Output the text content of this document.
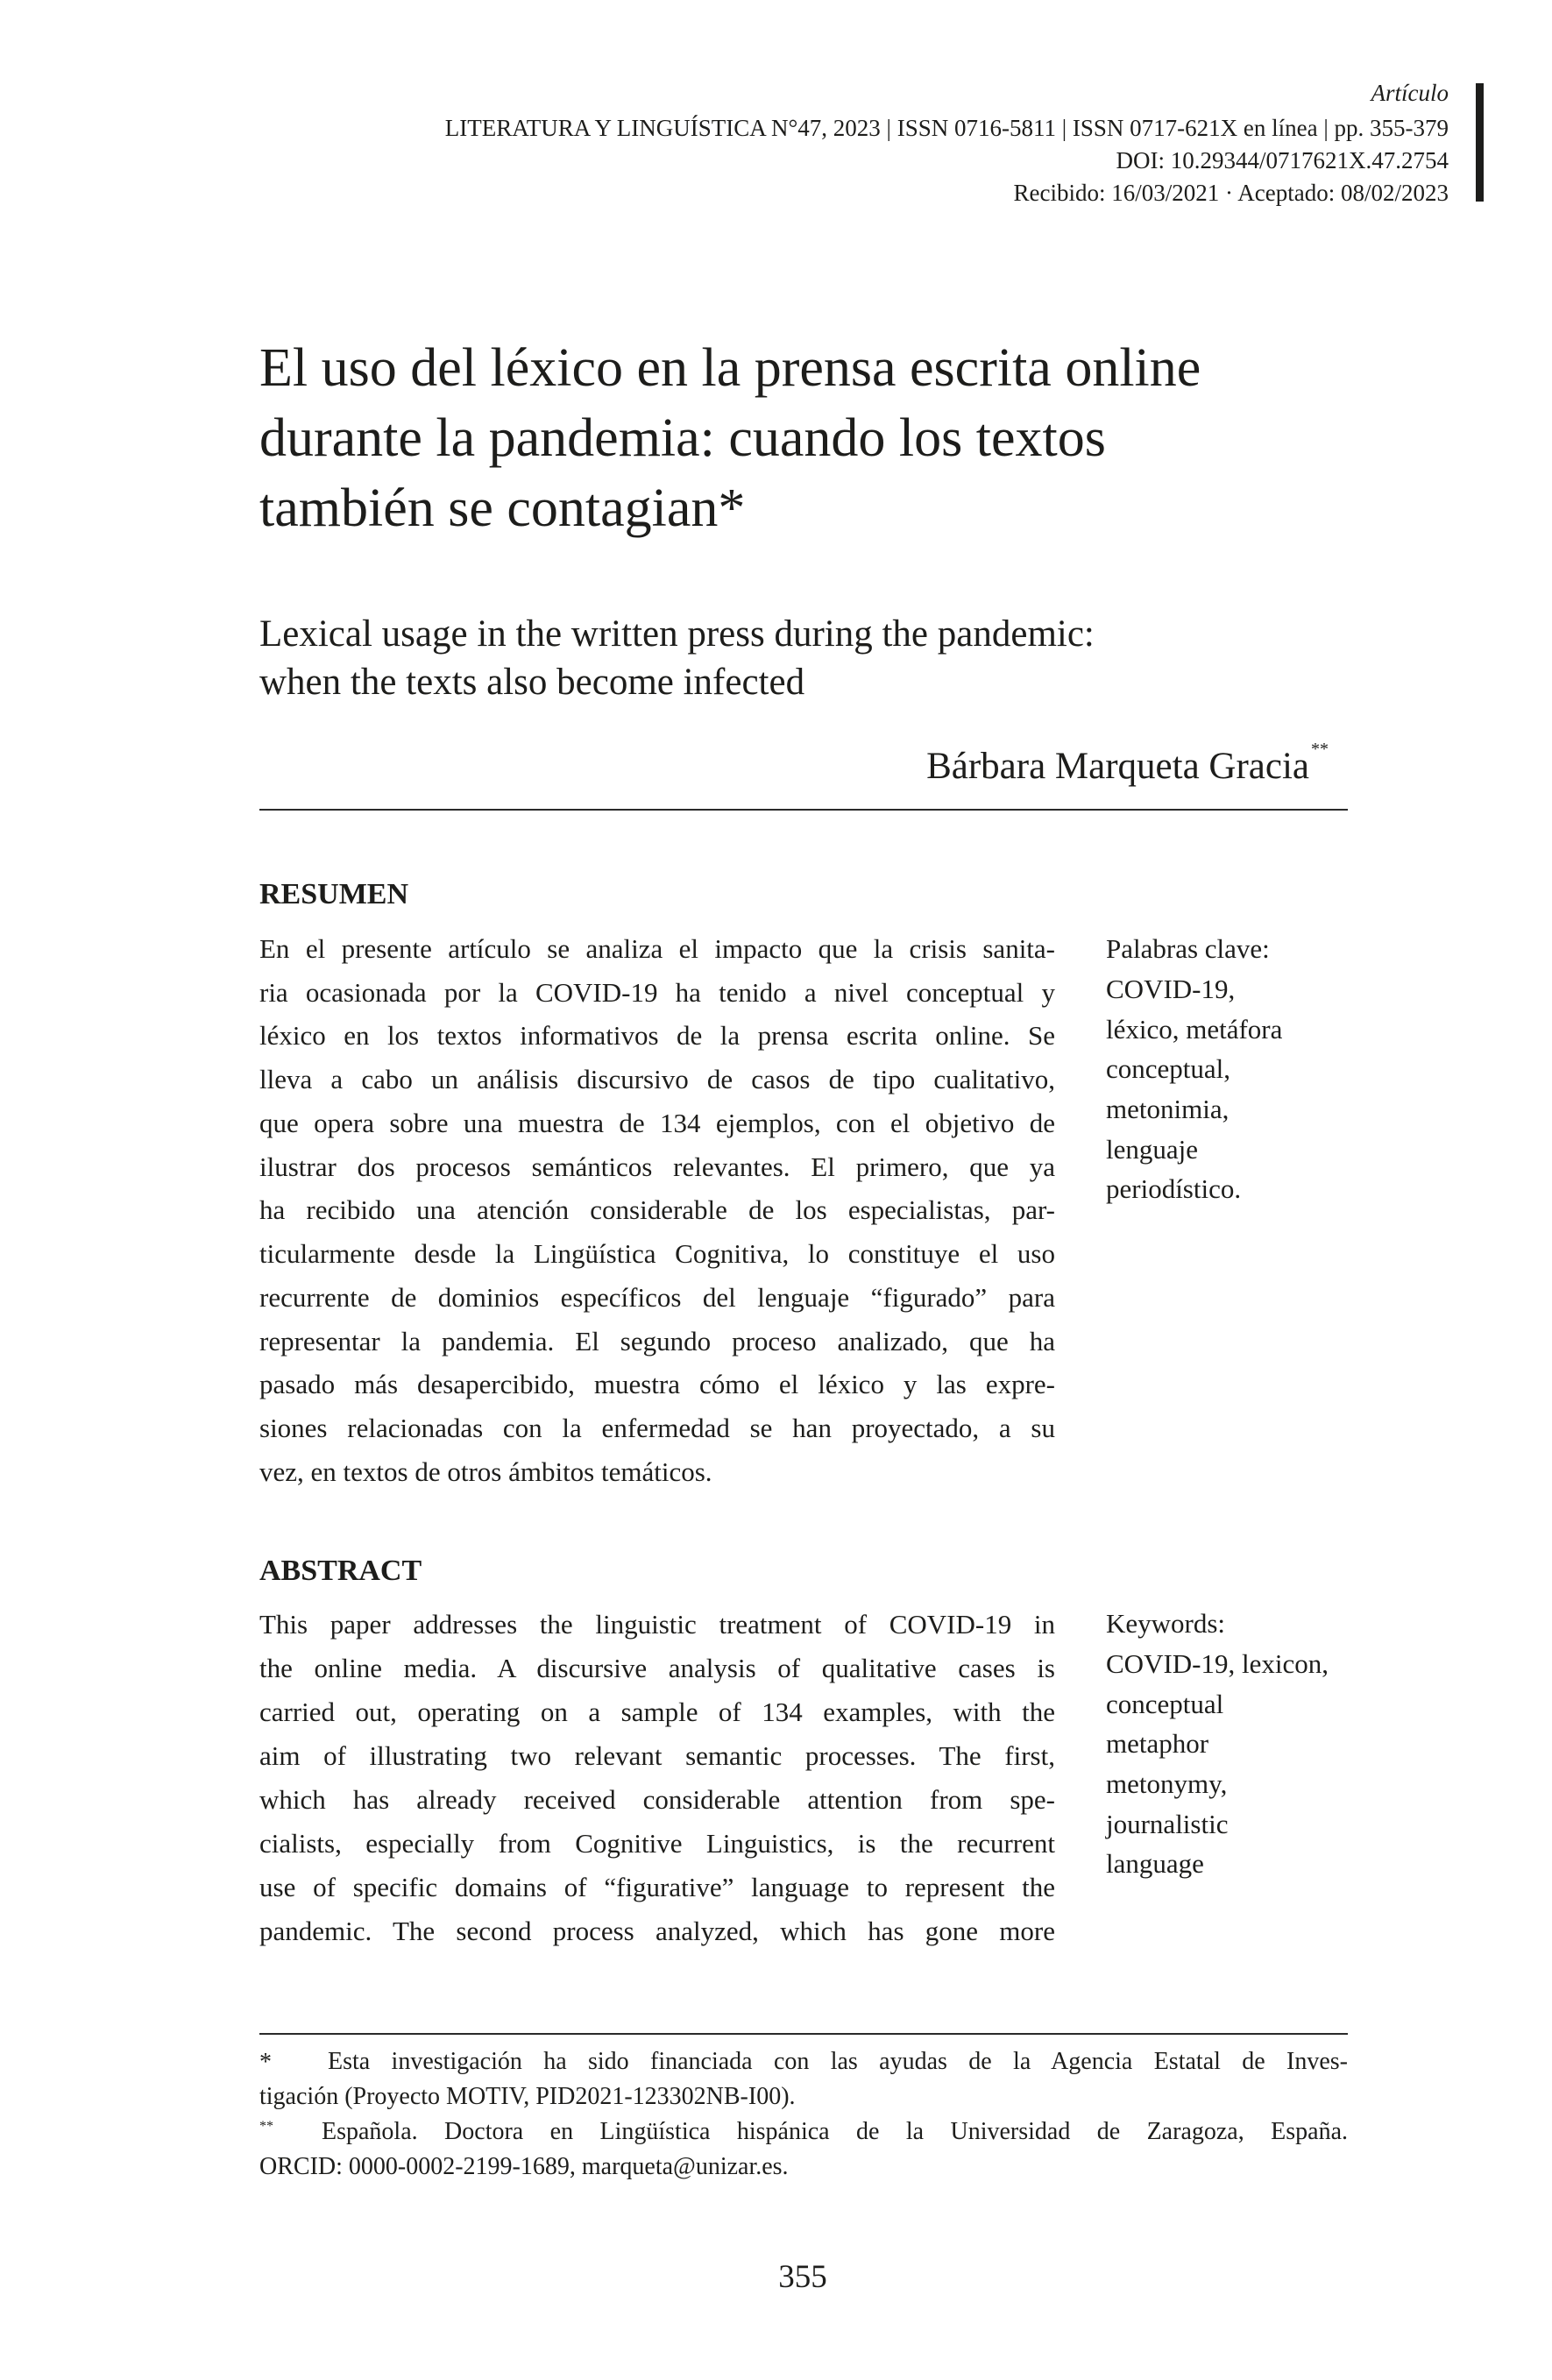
Artículo
LITERATURA Y LINGUÍSTICA N°47, 2023 | ISSN 0716-5811 | ISSN 0717-621X en línea | pp. 355-379
DOI: 10.29344/0717621X.47.2754
Recibido: 16/03/2021 · Aceptado: 08/02/2023
El uso del léxico en la prensa escrita online
durante la pandemia: cuando los textos
también se contagian*
Lexical usage in the written press during the pandemic:
when the texts also become infected
Bárbara Marqueta Gracia **
RESUMEN
En el presente artículo se analiza el impacto que la crisis sanita-
ria ocasionada por la COVID-19 ha tenido a nivel conceptual y
léxico en los textos informativos de la prensa escrita online. Se
lleva a cabo un análisis discursivo de casos de tipo cualitativo,
que opera sobre una muestra de 134 ejemplos, con el objetivo de
ilustrar dos procesos semánticos relevantes. El primero, que ya
ha recibido una atención considerable de los especialistas, par-
ticularmente desde la Lingüística Cognitiva, lo constituye el uso
recurrente de dominios específicos del lenguaje “figurado” para
representar la pandemia. El segundo proceso analizado, que ha
pasado más desapercibido, muestra cómo el léxico y las expre-
siones relacionadas con la enfermedad se han proyectado, a su
vez, en textos de otros ámbitos temáticos.
Palabras clave:
COVID-19,
léxico, metáfora
conceptual,
metonimia,
lenguaje
periodístico.
ABSTRACT
This paper addresses the linguistic treatment of COVID-19 in
the online media. A discursive analysis of qualitative cases is
carried out, operating on a sample of 134 examples, with the
aim of illustrating two relevant semantic processes. The first,
which has already received considerable attention from spe-
cialists, especially from Cognitive Linguistics, is the recurrent
use of specific domains of “figurative” language to represent the
pandemic. The second process analyzed, which has gone more
Keywords:
COVID-19, lexicon,
conceptual
metaphor
metonymy,
journalistic
language
* Esta investigación ha sido financiada con las ayudas de la Agencia Estatal de Inves-
tigación (Proyecto MOTIV, PID2021-123302NB-I00).
** Española. Doctora en Lingüística hispánica de la Universidad de Zaragoza, España.
ORCID: 0000-0002-2199-1689, marqueta@unizar.es.
355
